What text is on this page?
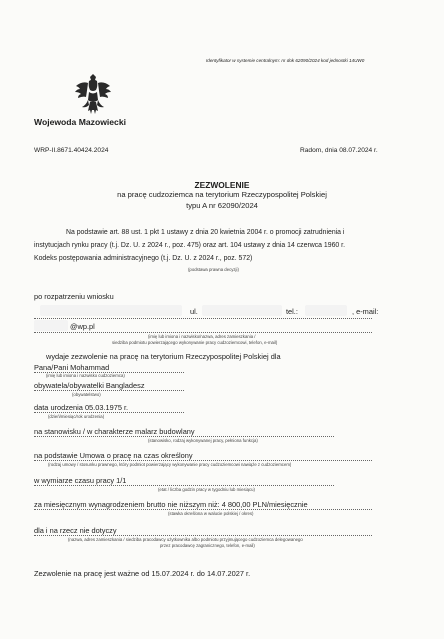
Identyfikator w systemie centralnym: nr dok 62090/2024 kod jednostki 14UW0
Wojewoda Mazowiecki
WRP-II.8671.40424.2024	Radom, dnia 08.07.2024 r.
ZEZWOLENIE
na pracę cudzoziemca na terytorium Rzeczypospolitej Polskiej
typu A nr 62090/2024
Na podstawie art. 88 ust. 1 pkt 1 ustawy z dnia 20 kwietnia 2004 r. o promocji zatrudnienia i
instytucjach rynku pracy (t.j. Dz. U. z 2024 r., poz. 475) oraz art. 104 ustawy z dnia 14 czerwca 1960 r.
Kodeks postępowania administracyjnego (t.j. Dz. U. z 2024 r., poz. 572)
(podstawa prawna decyzji)
po rozpatrzeniu wniosku
ul.	tel.:	, e-mail:
@wp.pl
(imię lub imiona i nazwisko/nazwa, adres zamieszkania /
siedziba podmiotu powierzającego wykonywanie pracy cudzoziemcowi, telefon, e-mail)
wydaje zezwolenie na pracę na terytorium Rzeczypospolitej Polskiej dla
Pana/Pani Mohammad
(imię lub imiona i nazwisko cudzoziemca)
obywatela/obywatelki Bangladesz
(obywatelstwo)
data urodzenia 05.03.1975 r.
(dzień/miesiąc/rok urodzenia)
na stanowisku / w charakterze malarz budowlany
(stanowisko, rodzaj wykonywanej pracy, pełniona funkcja)
na podstawie Umowa o pracę na czas określony
(rodzaj umowy / stosunku prawnego, który podmiot powierzający wykonywanie pracy cudzoziemcowi nawiąże z cudzoziemcem)
w wymiarze czasu pracy 1/1
(etat / liczba godzin pracy w tygodniu lub miesiącu)
za miesięcznym wynagrodzeniem brutto nie niższym niż: 4 800,00 PLN/miesięcznie
(stawka określona w walucie polskiej / okres)
dla i na rzecz nie dotyczy
(nazwa, adres zamieszkania / siedziba pracodawcy użytkownika albo podmiotu przyjmującego cudzoziemca delegowanego
przez pracodawcę zagranicznego, telefon, e-mail)
Zezwolenie na pracę jest ważne od 15.07.2024 r. do 14.07.2027 r.
